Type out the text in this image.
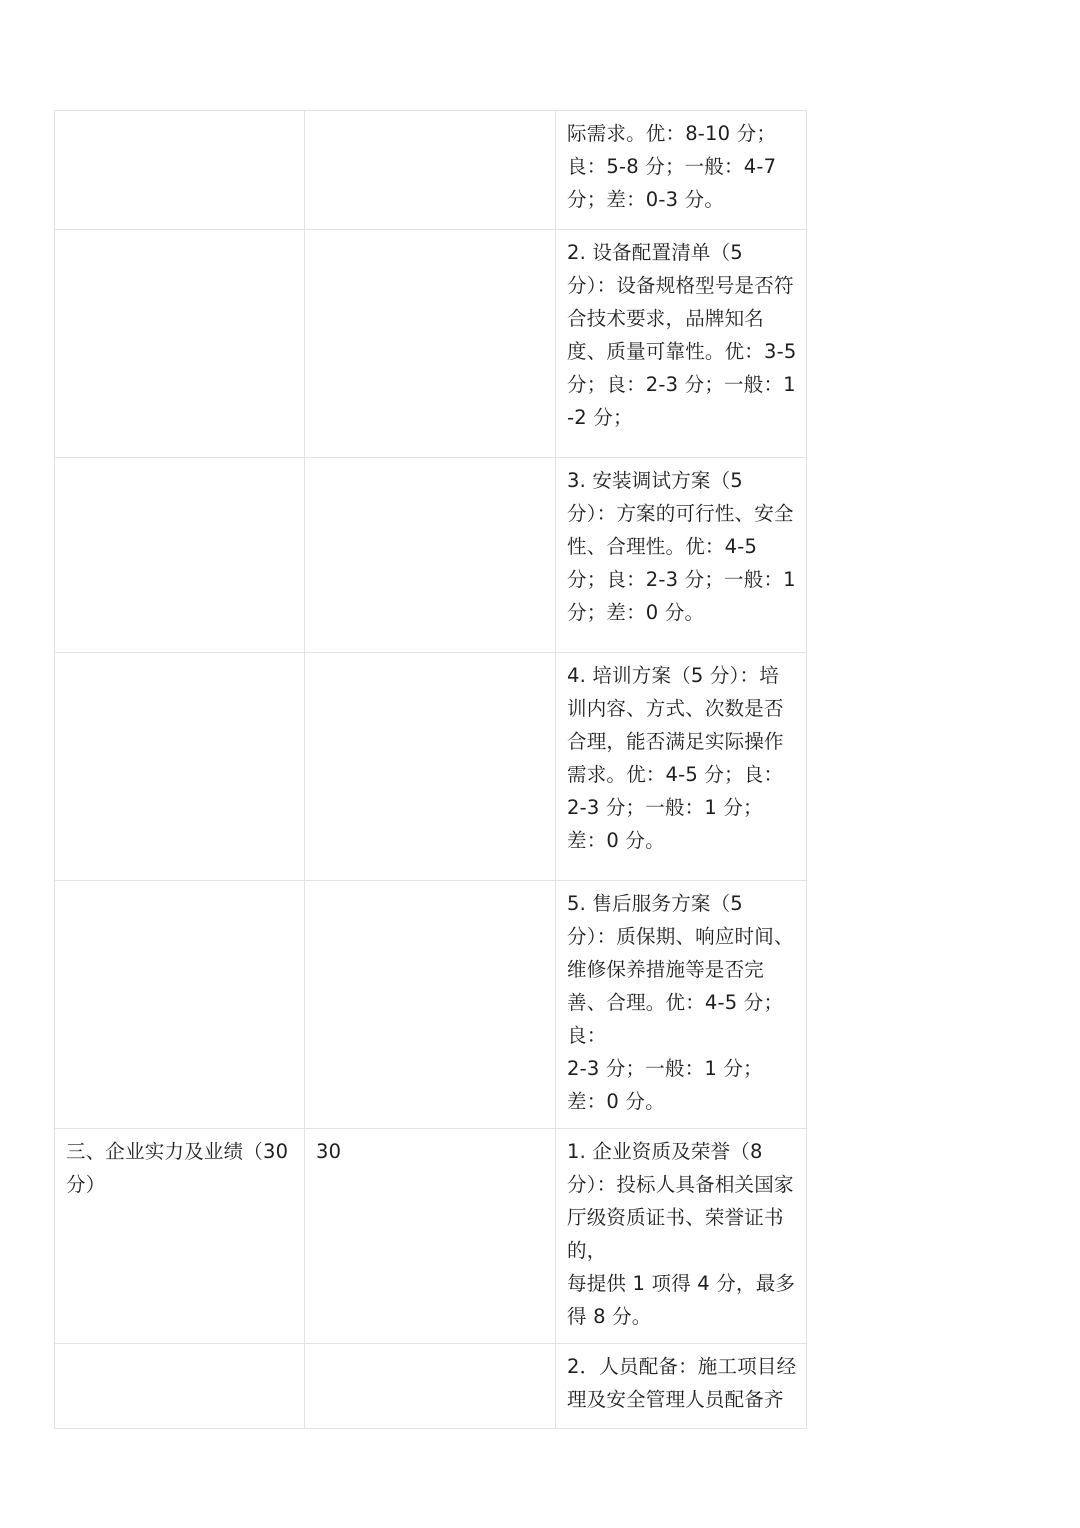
		际需求。优：8-10 分；良：5-8 分；一般：4-7 分；差：0-3 分。
		2. 设备配置清单（5 分）：设备规格型号是否符合技术要求，品牌知名度、质量可靠性。优：3-5 分；良：2-3 分；一般：1-2 分；
		3. 安装调试方案（5 分）：方案的可行性、安全性、合理性。优：4-5 分；良：2-3 分；一般：1 分；差：0 分。
		4. 培训方案（5 分）：培训内容、方式、次数是否合理，能否满足实际操作需求。优：4-5 分；良：
2-3 分；一般：1 分；差：0 分。
		5. 售后服务方案（5 分）：质保期、响应时间、维修保养措施等是否完善、合理。优：4-5 分；良：
2-3 分；一般：1 分；差：0 分。
三、企业实力及业绩（30 分）	30	1. 企业资质及荣誉（8 分）：投标人具备相关国家厅级资质证书、荣誉证书的，
每提供 1 项得 4 分，最多得 8 分。
		2．人员配备：施工项目经理及安全管理人员配备齐
